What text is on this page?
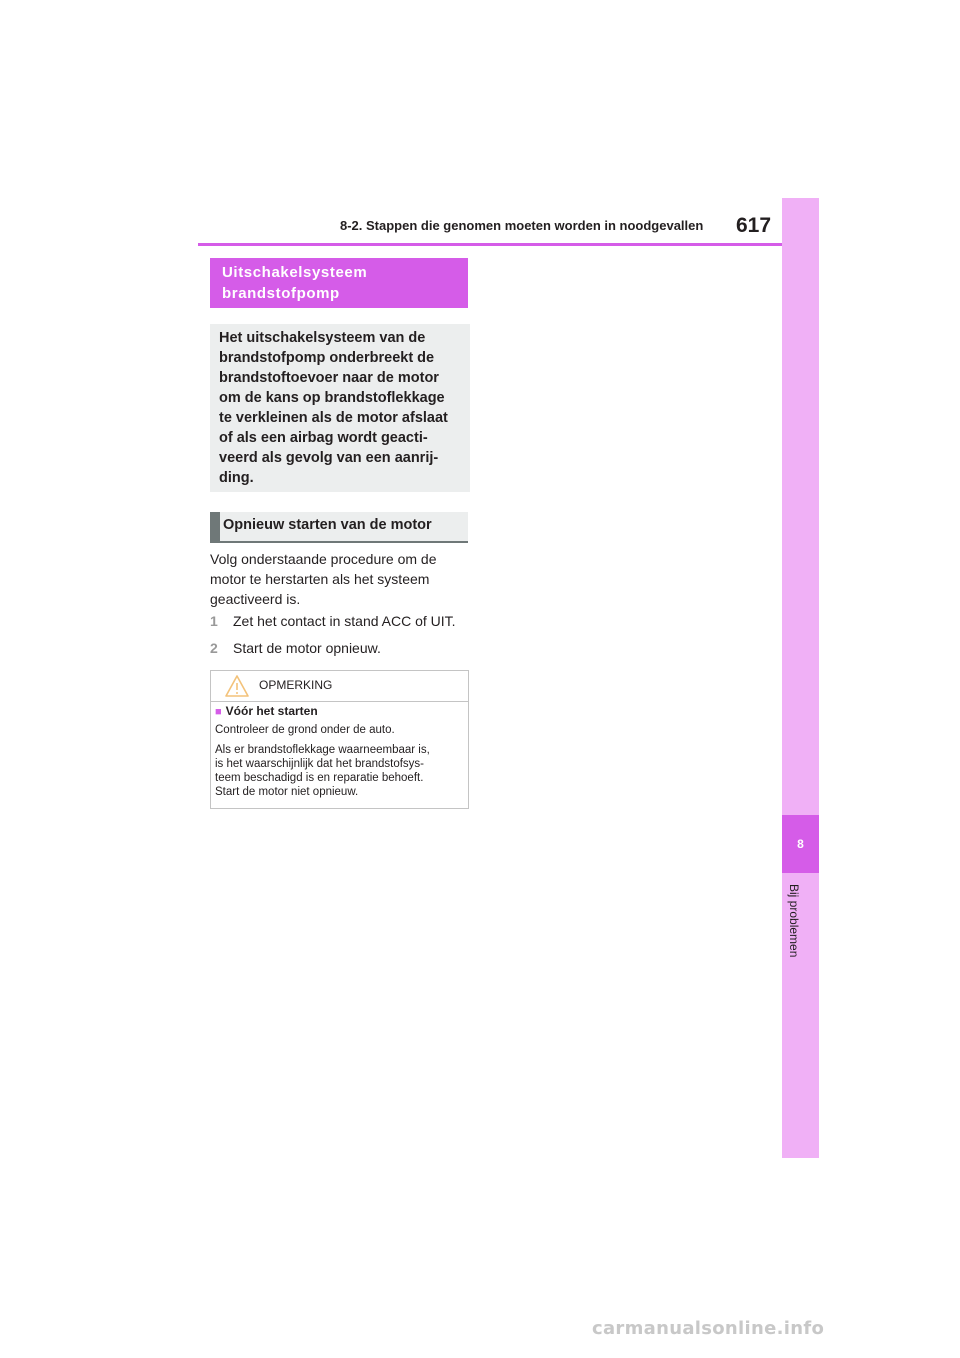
8-2. Stappen die genomen moeten worden in noodgevallen 617
8
Bij problemen
Uitschakelsysteem
brandstofpomp
Het uitschakelsysteem van de
brandstofpomp onderbreekt de
brandstoftoevoer naar de motor
om de kans op brandstoflekkage
te verkleinen als de motor afslaat
of als een airbag wordt geacti-
veerd als gevolg van een aanrij-
ding.
Opnieuw starten van de motor
Volg onderstaande procedure om de
motor te herstarten als het systeem
geactiveerd is.
1 Zet het contact in stand ACC of UIT.
2 Start de motor opnieuw.
OPMERKING
■ Vóór het starten
Controleer de grond onder de auto.
Als er brandstoflekkage waarneembaar is,
is het waarschijnlijk dat het brandstofsys-
teem beschadigd is en reparatie behoeft.
Start de motor niet opnieuw.
carmanualsonline.info
